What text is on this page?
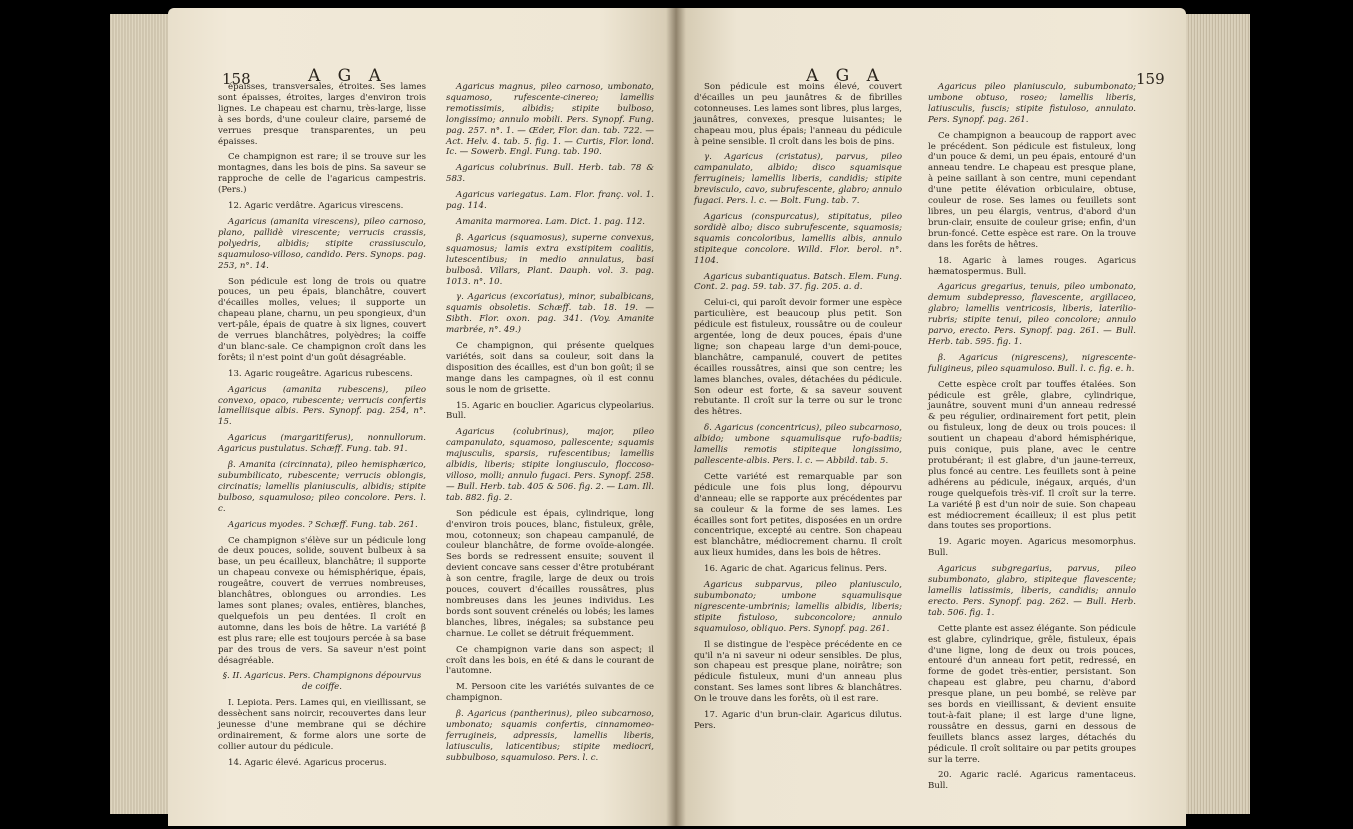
158	A G A

épaisses, transversales, étroites. Ses lames sont épaisses, étroites, larges d'environ trois lignes. Le chapeau est charnu, très-large, lisse à ses bords, d'une couleur claire, parsemé de verrues presque transparentes, un peu épaisses.

Ce champignon est rare; il se trouve sur les montagnes, dans les bois de pins. Sa saveur se rapproche de celle de l'agaricus campestris. (Pers.)

12. Agaric verdâtre. Agaricus virescens.

Agaricus (amanita virescens), pileo carnoso, plano, pallidè virescente; verrucis crassis, polyedris, albidis; stipite crassiusculo, squamuloso-villoso, candido. Pers. Synops. pag. 253, n°. 14.

Son pédicule est long de trois ou quatre pouces, un peu épais, blanchâtre, couvert d'écailles molles, velues; il supporte un chapeau plane, charnu, un peu spongieux, d'un vert-pâle, épais de quatre à six lignes, couvert de verrues blanchâtres, polyèdres; la coiffe d'un blanc-sale. Ce champignon croît dans les forêts; il n'est point d'un goût désagréable.

13. Agaric rougeâtre. Agaricus rubescens.

Agaricus (amanita rubescens), pileo convexo, opaco, rubescente; verrucis confertis lamelliisque albis. Pers. Synopf. pag. 254, n°. 15.

Agaricus (margaritiferus), nonnullorum. Agaricus pustulatus. Schæff. Fung. tab. 91.

β. Amanita (circinnata), pileo hemisphærico, subumbilicato, rubescente; verrucis oblongis, circinatis; lamellis planiusculis, albidis; stipite bulboso, squamuloso; pileo concolore. Pers. l. c.

Agaricus myodes. ? Schæff. Fung. tab. 261.

Ce champignon s'élève sur un pédicule long de deux pouces, solide, souvent bulbeux à sa base, un peu écailleux, blanchâtre; il supporte un chapeau convexe ou hémisphérique, épais, rougeâtre, couvert de verrues nombreuses, blanchâtres, oblongues ou arrondies. Les lames sont planes; ovales, entières, blanches, quelquefois un peu dentées. Il croît en automne, dans les bois de hêtre. La variété β est plus rare; elle est toujours percée à sa base par des trous de vers. Sa saveur n'est point désagréable.

§. II. Agaricus. Pers. Champignons dépourvus de coiffe.

I. Lepiota. Pers. Lames qui, en vieillissant, se dessèchent sans noircir, recouvertes dans leur jeunesse d'une membrane qui se déchire ordinairement, & forme alors une sorte de collier autour du pédicule.

14. Agaric élevé. Agaricus procerus.

Agaricus magnus, pileo carnoso, umbonato, squamoso, rufescente-cinereo; lamellis remotissimis, albidis; stipite bulboso, longissimo; annulo mobili. Pers. Synopf. Fung. pag. 257. n°. 1. — Œder, Flor. dan. tab. 722. — Act. Helv. 4. tab. 5. fig. 1. — Curtis, Flor. lond. Ic. — Sowerb. Engl. Fung. tab. 190.

Agaricus colubrinus. Bull. Herb. tab. 78 & 583.

Agaricus variegatus. Lam. Flor. franç. vol. 1. pag. 114.

Amanita marmorea. Lam. Dict. 1. pag. 112.

β. Agaricus (squamosus), superne convexus, squamosus; lamis extra exstipitem coalitis, lutescentibus; in medio annulatus, basi bulbosâ. Villars, Plant. Dauph. vol. 3. pag. 1013. n°. 10.

γ. Agaricus (excoriatus), minor, subalbicans, squamis obsoletis. Schæff. tab. 18. 19. — Sibth. Flor. oxon. pag. 341. (Voy. Amanite marbrée, n°. 49.)

Ce champignon, qui présente quelques variétés, soit dans sa couleur, soit dans la disposition des écailles, est d'un bon goût; il se mange dans les campagnes, où il est connu sous le nom de grisette.

15. Agaric en bouclier. Agaricus clypeolarius. Bull.

Agaricus (colubrinus), major, pileo campanulato, squamoso, pallescente; squamis majusculis, sparsis, rufescentibus; lamellis albidis, liberis; stipite longiusculo, floccoso-villoso, molli; annulo fugaci. Pers. Synopf. 258. — Bull. Herb. tab. 405 & 506. fig. 2. — Lam. Ill. tab. 882. fig. 2.

Son pédicule est épais, cylindrique, long d'environ trois pouces, blanc, fistuleux, grêle, mou, cotonneux; son chapeau campanulé, de couleur blanchâtre, de forme ovoïde-alongée. Ses bords se redressent ensuite; souvent il devient concave sans cesser d'être protubérant à son centre, fragile, large de deux ou trois pouces, couvert d'écailles roussâtres, plus nombreuses dans les jeunes individus. Les bords sont souvent crénelés ou lobés; les lames blanches, libres, inégales; sa substance peu charnue. Le collet se détruit fréquemment.

Ce champignon varie dans son aspect; il croît dans les bois, en été & dans le courant de l'automne.

M. Persoon cite les variétés suivantes de ce champignon.

β. Agaricus (pantherinus), pileo subcarnoso, umbonato; squamis confertis, cinnamomeo-ferrugineis, adpressis, lamellis liberis, latiusculis, laticentibus; stipite mediocri, subbulboso, squamuloso. Pers. l. c.

A G A	159

Son pédicule est moins élevé, couvert d'écailles un peu jaunâtres & de fibrilles cotonneuses. Les lames sont libres, plus larges, jaunâtres, convexes, presque luisantes; le chapeau mou, plus épais; l'anneau du pédicule à peine sensible. Il croît dans les bois de pins.

γ. Agaricus (cristatus), parvus, pileo campanulato, albido; disco squamisque ferrugineis; lamellis liberis, candidis; stipite brevisculo, cavo, subrufescente, glabro; annulo fugaci. Pers. l. c. — Bolt. Fung. tab. 7.

Agaricus (conspurcatus), stipitatus, pileo sordidè albo; disco subrufescente, squamosis; squamis concoloribus, lamellis albis, annulo stipiteque concolore. Willd. Flor. berol. n°. 1104.

Agaricus subantiquatus. Batsch. Elem. Fung. Cont. 2. pag. 59. tab. 37. fig. 205. a. d.

Celui-ci, qui paroît devoir former une espèce particulière, est beaucoup plus petit. Son pédicule est fistuleux, roussâtre ou de couleur argentée, long de deux pouces, épais d'une ligne; son chapeau large d'un demi-pouce, blanchâtre, campanulé, couvert de petites écailles roussâtres, ainsi que son centre; les lames blanches, ovales, détachées du pédicule. Son odeur est forte, & sa saveur souvent rebutante. Il croît sur la terre ou sur le tronc des hêtres.

δ. Agaricus (concentricus), pileo subcarnoso, albido; umbone squamulisque rufo-badiis; lamellis remotis stipiteque longissimo, pallescente-albis. Pers. l. c. — Abbild. tab. 5.

Cette variété est remarquable par son pédicule une fois plus long, dépourvu d'anneau; elle se rapporte aux précédentes par sa couleur & la forme de ses lames. Les écailles sont fort petites, disposées en un ordre concentrique, excepté au centre. Son chapeau est blanchâtre, médiocrement charnu. Il croît aux lieux humides, dans les bois de hêtres.

16. Agaric de chat. Agaricus felinus. Pers.

Agaricus subparvus, pileo planiusculo, subumbonato; umbone squamulisque nigrescente-umbrinis; lamellis albidis, liberis; stipite fistuloso, subconcolore; annulo squamuloso, obliquo. Pers. Synopf. pag. 261.

Il se distingue de l'espèce précédente en ce qu'il n'a ni saveur ni odeur sensibles. De plus, son chapeau est presque plane, noirâtre; son pédicule fistuleux, muni d'un anneau plus constant. Ses lames sont libres & blanchâtres. On le trouve dans les forêts, où il est rare.

17. Agaric d'un brun-clair. Agaricus dilutus. Pers.

Agaricus pileo planiusculo, subumbonato; umbone obtuso, roseo; lamellis liberis, latiusculis, fuscis; stipite fistuloso, annulato. Pers. Synopf. pag. 261.

Ce champignon a beaucoup de rapport avec le précédent. Son pédicule est fistuleux, long d'un pouce & demi, un peu épais, entouré d'un anneau tendre. Le chapeau est presque plane, à peine saillant à son centre, muni cependant d'une petite élévation orbiculaire, obtuse, couleur de rose. Ses lames ou feuillets sont libres, un peu élargis, ventrus, d'abord d'un brun-clair, ensuite de couleur grise; enfin, d'un brun-foncé. Cette espèce est rare. On la trouve dans les forêts de hêtres.

18. Agaric à lames rouges. Agaricus hæmatospermus. Bull.

Agaricus gregarius, tenuis, pileo umbonato, demum subdepresso, flavescente, argillaceo, glabro; lamellis ventricosis, liberis, laterilio-rubris; stipite tenui, pileo concolore; annulo parvo, erecto. Pers. Synopf. pag. 261. — Bull. Herb. tab. 595. fig. 1.

β. Agaricus (nigrescens), nigrescente-fuligineus, pileo squamuloso. Bull. l. c. fig. e. h.

Cette espèce croît par touffes étalées. Son pédicule est grêle, glabre, cylindrique, jaunâtre, souvent muni d'un anneau redressé & peu régulier, ordinairement fort petit, plein ou fistuleux, long de deux ou trois pouces: il soutient un chapeau d'abord hémisphérique, puis conique, puis plane, avec le centre protubérant; il est glabre, d'un jaune-terreux, plus foncé au centre. Les feuillets sont à peine adhérens au pédicule, inégaux, arqués, d'un rouge quelquefois très-vif. Il croît sur la terre. La variété β est d'un noir de suie. Son chapeau est médiocrement écailleux; il est plus petit dans toutes ses proportions.

19. Agaric moyen. Agaricus mesomorphus. Bull.

Agaricus subgregarius, parvus, pileo subumbonato, glabro, stipiteque flavescente; lamellis latissimis, liberis, candidis; annulo erecto. Pers. Synopf. pag. 262. — Bull. Herb. tab. 506. fig. 1.

Cette plante est assez élégante. Son pédicule est glabre, cylindrique, grêle, fistuleux, épais d'une ligne, long de deux ou trois pouces, entouré d'un anneau fort petit, redressé, en forme de godet très-entier, persistant. Son chapeau est glabre, peu charnu, d'abord presque plane, un peu bombé, se relève par ses bords en vieillissant, & devient ensuite tout-à-fait plane; il est large d'une ligne, roussâtre en dessus, garni en dessous de feuillets blancs assez larges, détachés du pédicule. Il croît solitaire ou par petits groupes sur la terre.

20. Agaric raclé. Agaricus ramentaceus. Bull.
